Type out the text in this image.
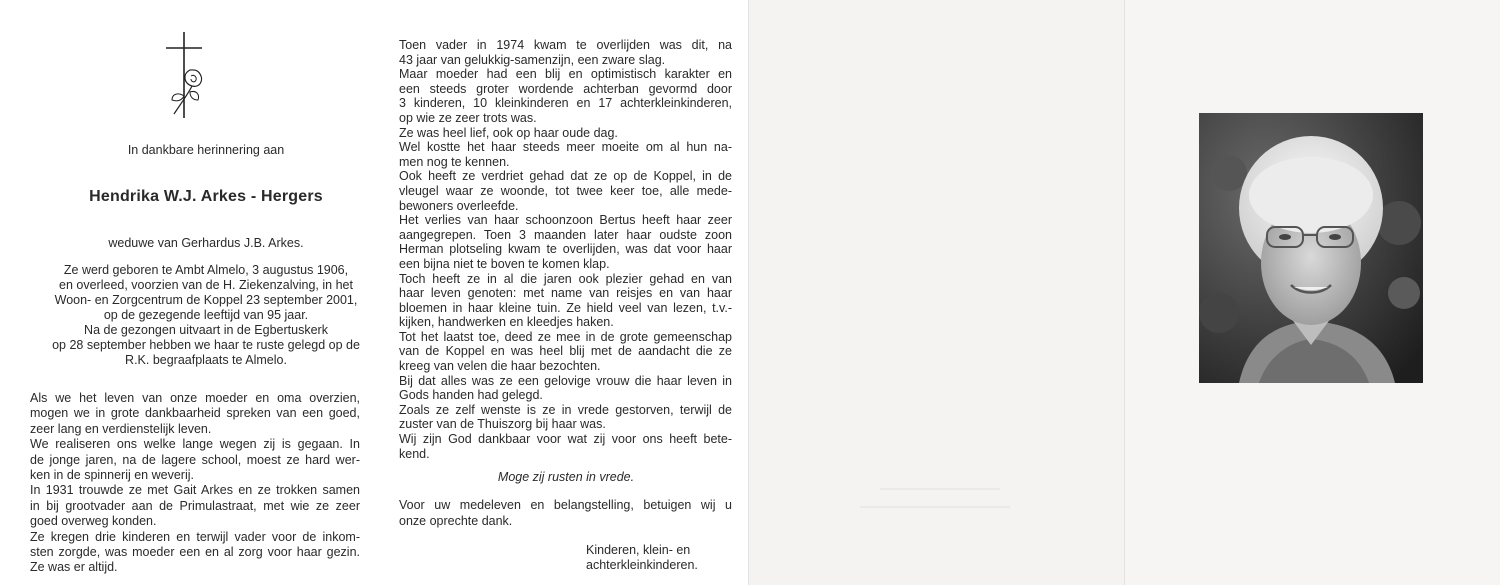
In dankbare herinnering aan
Hendrika W.J. Arkes - Hergers
weduwe van Gerhardus J.B. Arkes.
Ze werd geboren te Ambt Almelo, 3 augustus 1906,
en overleed, voorzien van de H. Ziekenzalving, in het
Woon- en Zorgcentrum de Koppel 23 september 2001,
op de gezegende leeftijd van 95 jaar.
Na de gezongen uitvaart in de Egbertuskerk
op 28 september hebben we haar te ruste gelegd op de
R.K. begraafplaats te Almelo.
Als we het leven van onze moeder en oma overzien,
mogen we in grote dankbaarheid spreken van een goed,
zeer lang en verdienstelijk leven.
We realiseren ons welke lange wegen zij is gegaan. In
de jonge jaren, na de lagere school, moest ze hard wer-
ken in de spinnerij en weverij.
In 1931 trouwde ze met Gait Arkes en ze trokken samen
in bij grootvader aan de Primulastraat, met wie ze zeer
goed overweg konden.
Ze kregen drie kinderen en terwijl vader voor de inkom-
sten zorgde, was moeder een en al zorg voor haar gezin.
Ze was er altijd.
Toen vader in 1974 kwam te overlijden was dit, na
43 jaar van gelukkig-samenzijn, een zware slag.
Maar moeder had een blij en optimistisch karakter en
een steeds groter wordende achterban gevormd door
3 kinderen, 10 kleinkinderen en 17 achterkleinkinderen,
op wie ze zeer trots was.
Ze was heel lief, ook op haar oude dag.
Wel kostte het haar steeds meer moeite om al hun na-
men nog te kennen.
Ook heeft ze verdriet gehad dat ze op de Koppel, in de
vleugel waar ze woonde, tot twee keer toe, alle mede-
bewoners overleefde.
Het verlies van haar schoonzoon Bertus heeft haar zeer
aangegrepen. Toen 3 maanden later haar oudste zoon
Herman plotseling kwam te overlijden, was dat voor haar
een bijna niet te boven te komen klap.
Toch heeft ze in al die jaren ook plezier gehad en van
haar leven genoten: met name van reisjes en van haar
bloemen in haar kleine tuin. Ze hield veel van lezen, t.v.-
kijken, handwerken en kleedjes haken.
Tot het laatst toe, deed ze mee in de grote gemeenschap
van de Koppel en was heel blij met de aandacht die ze
kreeg van velen die haar bezochten.
Bij dat alles was ze een gelovige vrouw die haar leven in
Gods handen had gelegd.
Zoals ze zelf wenste is ze in vrede gestorven, terwijl de
zuster van de Thuiszorg bij haar was.
Wij zijn God dankbaar voor wat zij voor ons heeft bete-
kend.
Moge zij rusten in vrede.
Voor uw medeleven en belangstelling, betuigen wij u
onze oprechte dank.
Kinderen, klein- en
achterkleinkinderen.
